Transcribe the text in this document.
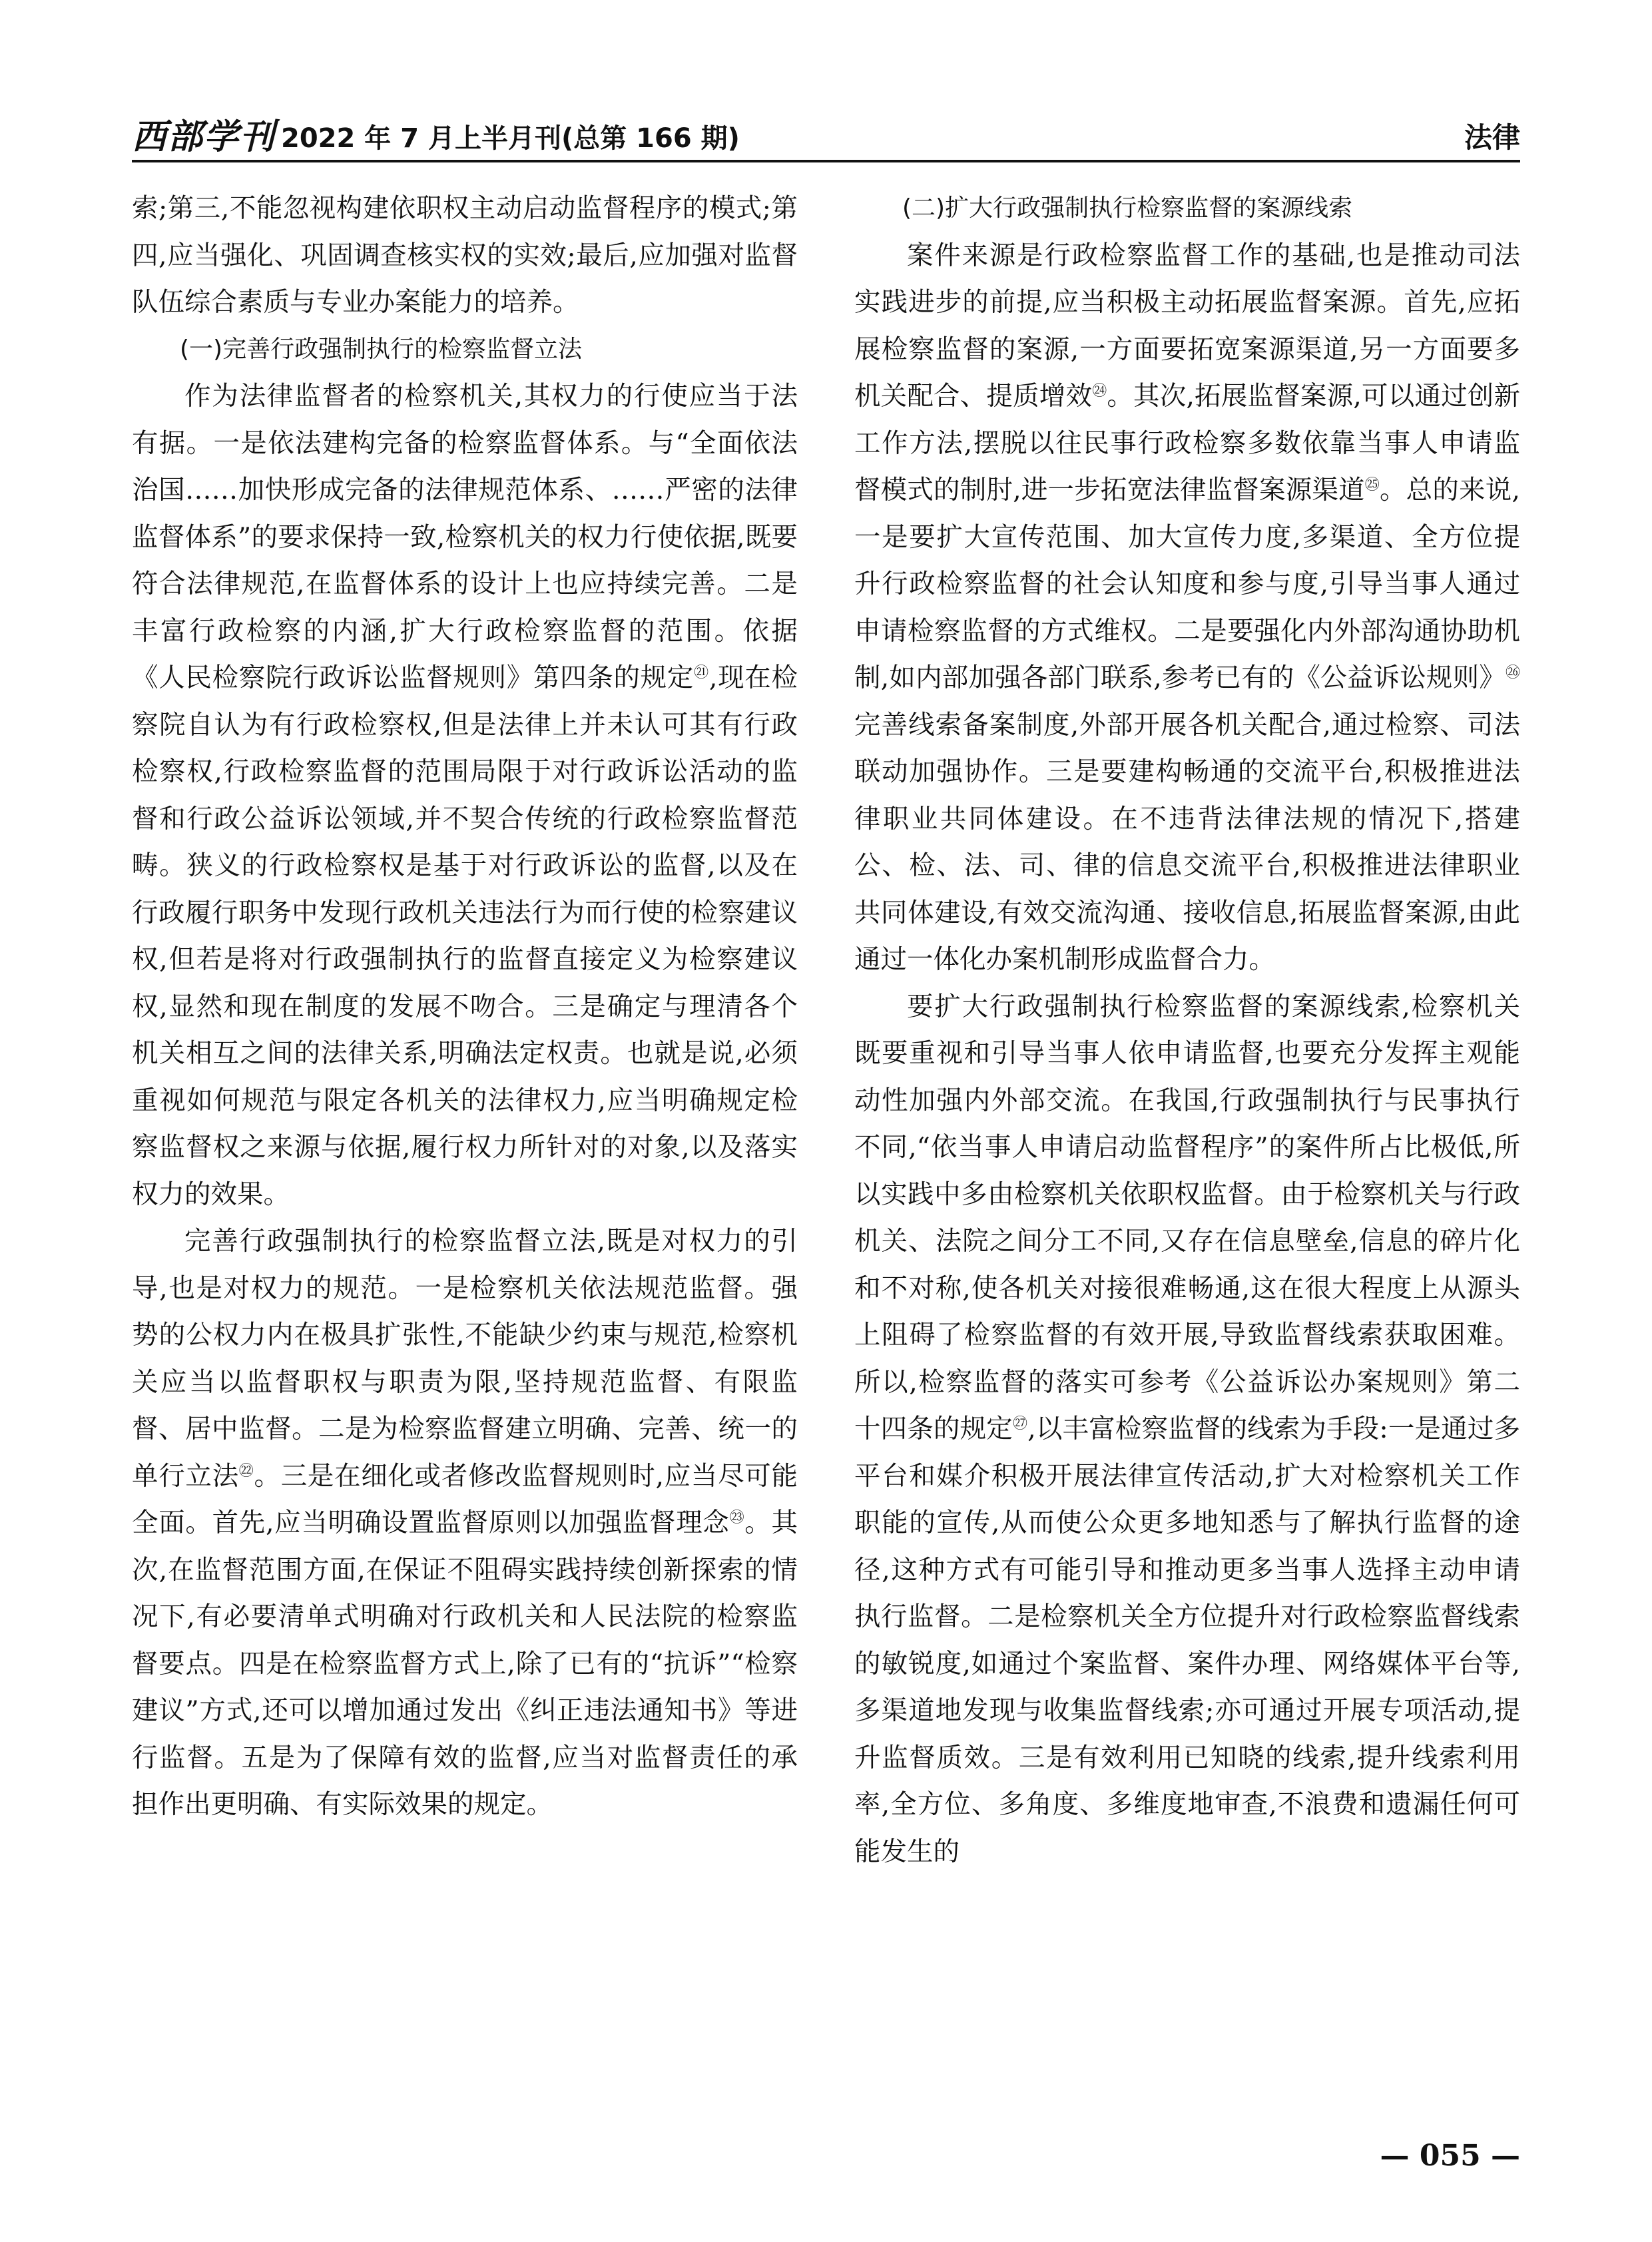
西部学刊 2022 年 7 月上半月刊(总第 166 期)	法律

索;第三,不能忽视构建依职权主动启动监督程序的模式;第四,应当强化、巩固调查核实权的实效;最后,应加强对监督队伍综合素质与专业办案能力的培养。

(一)完善行政强制执行的检察监督立法

作为法律监督者的检察机关,其权力的行使应当于法有据。一是依法建构完备的检察监督体系。与“全面依法治国……加快形成完备的法律规范体系、……严密的法律监督体系”的要求保持一致,检察机关的权力行使依据,既要符合法律规范,在监督体系的设计上也应持续完善。二是丰富行政检察的内涵,扩大行政检察监督的范围。依据《人民检察院行政诉讼监督规则》第四条的规定$^㉑$,现在检察院自认为有行政检察权,但是法律上并未认可其有行政检察权,行政检察监督的范围局限于对行政诉讼活动的监督和行政公益诉讼领域,并不契合传统的行政检察监督范畴。狭义的行政检察权是基于对行政诉讼的监督,以及在行政履行职务中发现行政机关违法行为而行使的检察建议权,但若是将对行政强制执行的监督直接定义为检察建议权,显然和现在制度的发展不吻合。三是确定与理清各个机关相互之间的法律关系,明确法定权责。也就是说,必须重视如何规范与限定各机关的法律权力,应当明确规定检察监督权之来源与依据,履行权力所针对的对象,以及落实权力的效果。

完善行政强制执行的检察监督立法,既是对权力的引导,也是对权力的规范。一是检察机关依法规范监督。强势的公权力内在极具扩张性,不能缺少约束与规范,检察机关应当以监督职权与职责为限,坚持规范监督、有限监督、居中监督。二是为检察监督建立明确、完善、统一的单行立法$^㉒$。三是在细化或者修改监督规则时,应当尽可能全面。首先,应当明确设置监督原则以加强监督理念$^㉓$。其次,在监督范围方面,在保证不阻碍实践持续创新探索的情况下,有必要清单式明确对行政机关和人民法院的检察监督要点。四是在检察监督方式上,除了已有的“抗诉”“检察建议”方式,还可以增加通过发出《纠正违法通知书》等进行监督。五是为了保障有效的监督,应当对监督责任的承担作出更明确、有实际效果的规定。

(二)扩大行政强制执行检察监督的案源线索

案件来源是行政检察监督工作的基础,也是推动司法实践进步的前提,应当积极主动拓展监督案源。首先,应拓展检察监督的案源,一方面要拓宽案源渠道,另一方面要多机关配合、提质增效$^㉔$。其次,拓展监督案源,可以通过创新工作方法,摆脱以往民事行政检察多数依靠当事人申请监督模式的制肘,进一步拓宽法律监督案源渠道$^㉕$。总的来说,一是要扩大宣传范围、加大宣传力度,多渠道、全方位提升行政检察监督的社会认知度和参与度,引导当事人通过申请检察监督的方式维权。二是要强化内外部沟通协助机制,如内部加强各部门联系,参考已有的《公益诉讼规则》$^㉖$完善线索备案制度,外部开展各机关配合,通过检察、司法联动加强协作。三是要建构畅通的交流平台,积极推进法律职业共同体建设。在不违背法律法规的情况下,搭建公、检、法、司、律的信息交流平台,积极推进法律职业共同体建设,有效交流沟通、接收信息,拓展监督案源,由此通过一体化办案机制形成监督合力。

要扩大行政强制执行检察监督的案源线索,检察机关既要重视和引导当事人依申请监督,也要充分发挥主观能动性加强内外部交流。在我国,行政强制执行与民事执行不同,“依当事人申请启动监督程序”的案件所占比极低,所以实践中多由检察机关依职权监督。由于检察机关与行政机关、法院之间分工不同,又存在信息壁垒,信息的碎片化和不对称,使各机关对接很难畅通,这在很大程度上从源头上阻碍了检察监督的有效开展,导致监督线索获取困难。所以,检察监督的落实可参考《公益诉讼办案规则》第二十四条的规定$^㉗$,以丰富检察监督的线索为手段:一是通过多平台和媒介积极开展法律宣传活动,扩大对检察机关工作职能的宣传,从而使公众更多地知悉与了解执行监督的途径,这种方式有可能引导和推动更多当事人选择主动申请执行监督。二是检察机关全方位提升对行政检察监督线索的敏锐度,如通过个案监督、案件办理、网络媒体平台等,多渠道地发现与收集监督线索;亦可通过开展专项活动,提升监督质效。三是有效利用已知晓的线索,提升线索利用率,全方位、多角度、多维度地审查,不浪费和遗漏任何可能发生的

— 055 —
